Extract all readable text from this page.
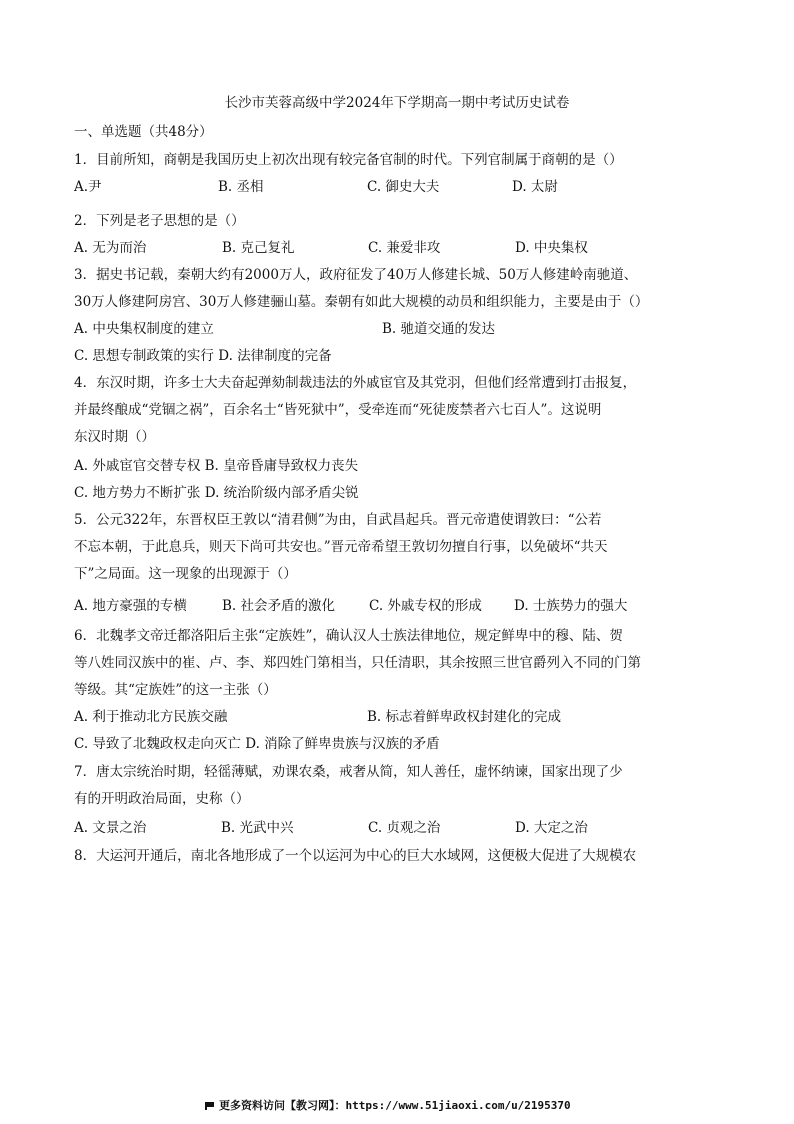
长沙市芙蓉高级中学2024年下学期高一期中考试历史试卷
一、单选题（共48分）
1．目前所知，商朝是我国历史上初次出现有较完备官制的时代。下列官制属于商朝的是（）
A.尹	B. 丞相	C. 御史大夫	D. 太尉
2．下列是老子思想的是（）
A. 无为而治	B. 克己复礼	C. 兼爱非攻	D. 中央集权
3．据史书记载，秦朝大约有2000万人，政府征发了40万人修建长城、50万人修建岭南驰道、
30万人修建阿房宫、30万人修建骊山墓。秦朝有如此大规模的动员和组织能力，主要是由于（）
A. 中央集权制度的建立	B. 驰道交通的发达
C. 思想专制政策的实行 D. 法律制度的完备
4．东汉时期，许多士大夫奋起弹劾制裁违法的外戚宦官及其党羽，但他们经常遭到打击报复，
并最终酿成“党锢之祸”，百余名士“皆死狱中”，受牵连而“死徒废禁者六七百人”。这说明
东汉时期（）
A. 外戚宦官交替专权 B. 皇帝昏庸导致权力丧失
C. 地方势力不断扩张 D. 统治阶级内部矛盾尖锐
5．公元322年，东晋权臣王敦以“清君侧”为由，自武昌起兵。晋元帝遣使谓敦曰：“公若
不忘本朝，于此息兵，则天下尚可共安也。”晋元帝希望王敦切勿擅自行事，以免破坏“共天
下”之局面。这一现象的出现源于（）
A. 地方豪强的专横	B. 社会矛盾的激化	C. 外戚专权的形成 D. 士族势力的强大
6．北魏孝文帝迁都洛阳后主张“定族姓”，确认汉人士族法律地位，规定鲜卑中的穆、陆、贺
等八姓同汉族中的崔、卢、李、郑四姓门第相当，只任清职，其余按照三世官爵列入不同的门第
等级。其“定族姓”的这一主张（）
A. 利于推动北方民族交融	B. 标志着鲜卑政权封建化的完成
C. 导致了北魏政权走向灭亡 D. 消除了鲜卑贵族与汉族的矛盾
7．唐太宗统治时期，轻徭薄赋，劝课农桑，戒奢从简，知人善任，虚怀纳谏，国家出现了少
有的开明政治局面，史称（）
A. 文景之治	B. 光武中兴	C. 贞观之治	D. 大定之治
8．大运河开通后，南北各地形成了一个以运河为中心的巨大水域网，这便极大促进了大规模农
更多资料访问【教习网】：https://www.51jiaoxi.com/u/2195370
